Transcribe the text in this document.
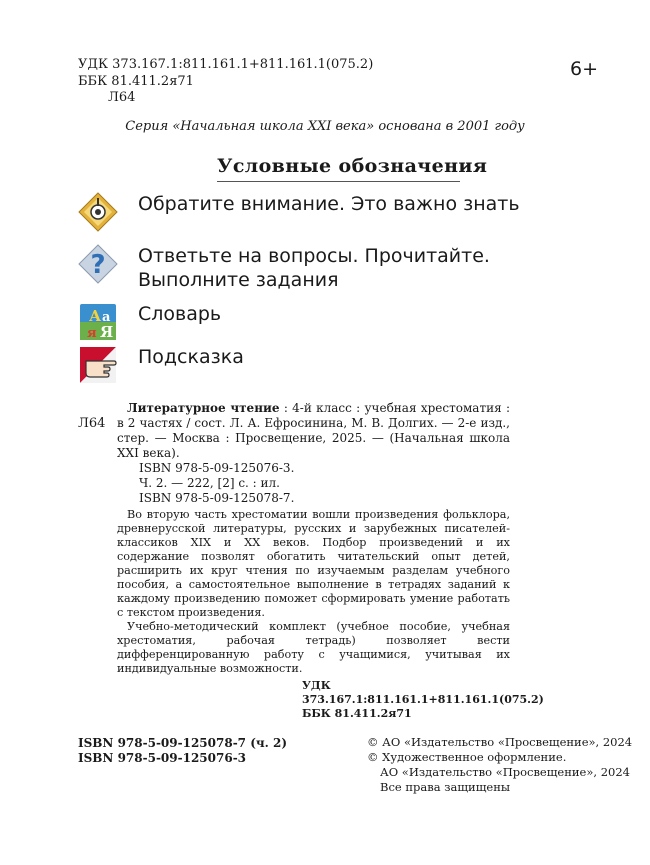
УДК 373.167.1:811.161.1+811.161.1(075.2)
ББК 81.411.2я71
6+
Л64
Серия «Начальная школа XXI века» основана в 2001 году
Условные обозначения
Обратите внимание. Это важно знать
? Ответьте на вопросы. Прочитайте. Выполните задания
А а
я Я
Словарь
Подсказка
Л64

Литературное чтение : 4-й класс : учебная хрестоматия : в 2 частях / сост. Л. А. Ефросинина, М. В. Долгих. — 2-е изд., стер. — Москва : Просвещение, 2025. — (Начальная школа XXI века).

ISBN 978-5-09-125076-3.
Ч. 2. — 222, [2] с. : ил.
ISBN 978-5-09-125078-7.

Во вторую часть хрестоматии вошли произведения фольклора, древнерусской литературы, русских и зарубежных писателей-классиков XIX и XX веков. Подбор произведений и их содержание позволят обогатить читательский опыт детей, расширить их круг чтения по изучаемым разделам учебного пособия, а самостоятельное выполнение в тетрадях заданий к каждому произведению поможет сформировать умение работать с текстом произведения.

Учебно-методический комплект (учебное пособие, учебная хрестоматия, рабочая тетрадь) позволяет вести дифференцированную работу с учащимися, учитывая их индивидуальные возможности.

УДК 373.167.1:811.161.1+811.161.1(075.2)
ББК 81.411.2я71
ISBN 978-5-09-125078-7 (ч. 2)
ISBN 978-5-09-125076-3
© АО «Издательство «Просвещение», 2024
© Художественное оформление.
АО «Издательство «Просвещение», 2024
Все права защищены
